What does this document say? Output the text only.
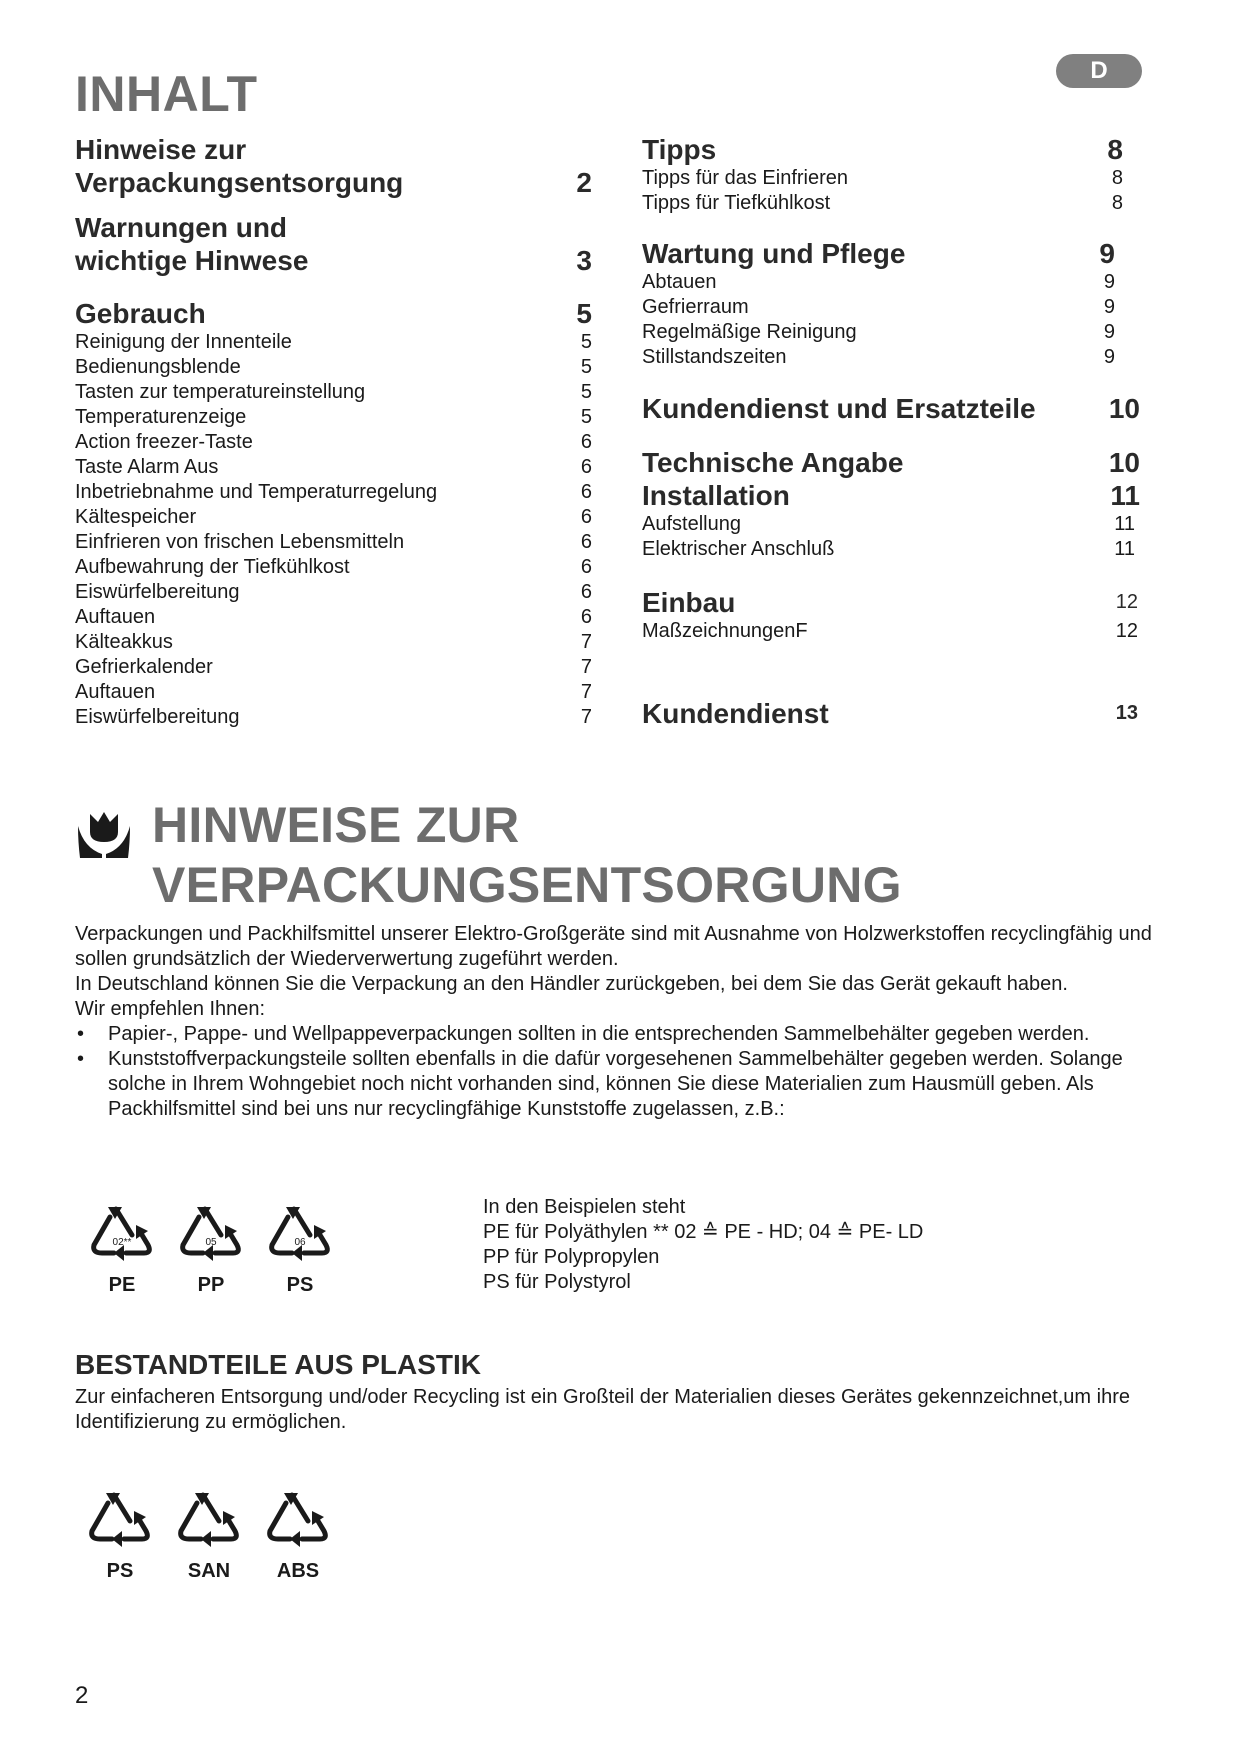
D
INHALT
Hinweise zur
Verpackungsentsorgung	2
Warnungen und
wichtige Hinwese	3
Gebrauch	5
Reinigung der Innenteile	5
Bedienungsblende	5
Tasten zur temperatureinstellung	5
Temperaturenzeige	5
Action freezer-Taste	6
Taste Alarm Aus	6
Inbetriebnahme und Temperaturregelung	6
Kältespeicher	6
Einfrieren von frischen Lebensmitteln	6
Aufbewahrung der Tiefkühlkost	6
Eiswürfelbereitung	6
Auftauen	6
Kälteakkus	7
Gefrierkalender	7
Auftauen	7
Eiswürfelbereitung	7
Tipps	8
Tipps für das Einfrieren	8
Tipps für Tiefkühlkost	8
Wartung und Pflege	9
Abtauen	9
Gefrierraum	9
Regelmäßige Reinigung	9
Stillstandszeiten	9
Kundendienst und Ersatzteile	10
Technische Angabe	10
Installation	11
Aufstellung	11
Elektrischer Anschluß	11
Einbau	12
MaßzeichnungenF	12
Kundendienst	13
HINWEISE ZUR
VERPACKUNGSENTSORGUNG

Verpackungen und Packhilfsmittel unserer Elektro-Großgeräte sind mit Ausnahme von Holzwerkstoffen recyclingfähig und sollen grundsätzlich der Wiederverwertung zugeführt werden.

In Deutschland können Sie die Verpackung an den Händler zurückgeben, bei dem Sie das Gerät gekauft haben.

Wir empfehlen Ihnen:

• Papier-, Pappe- und Wellpappeverpackungen sollten in die entsprechenden Sammelbehälter gegeben werden.
• Kunststoffverpackungsteile sollten ebenfalls in die dafür vorgesehenen Sammelbehälter gegeben werden. Solange solche in Ihrem Wohngebiet noch nicht vorhanden sind, können Sie diese Materialien zum Hausmüll geben. Als Packhilfsmittel sind bei uns nur recyclingfähige Kunststoffe zugelassen, z.B.:
02**
PE
05
PP
06
PS
In den Beispielen steht
PE für Polyäthylen ** 02 ≙ PE - HD; 04 ≙ PE- LD
PP für Polypropylen
PS für Polystyrol
BESTANDTEILE AUS PLASTIK
Zur einfacheren Entsorgung und/oder Recycling ist ein Großteil der Materialien dieses Gerätes gekennzeichnet,um ihre Identifizierung zu ermöglichen.
PS	SAN	ABS
2
